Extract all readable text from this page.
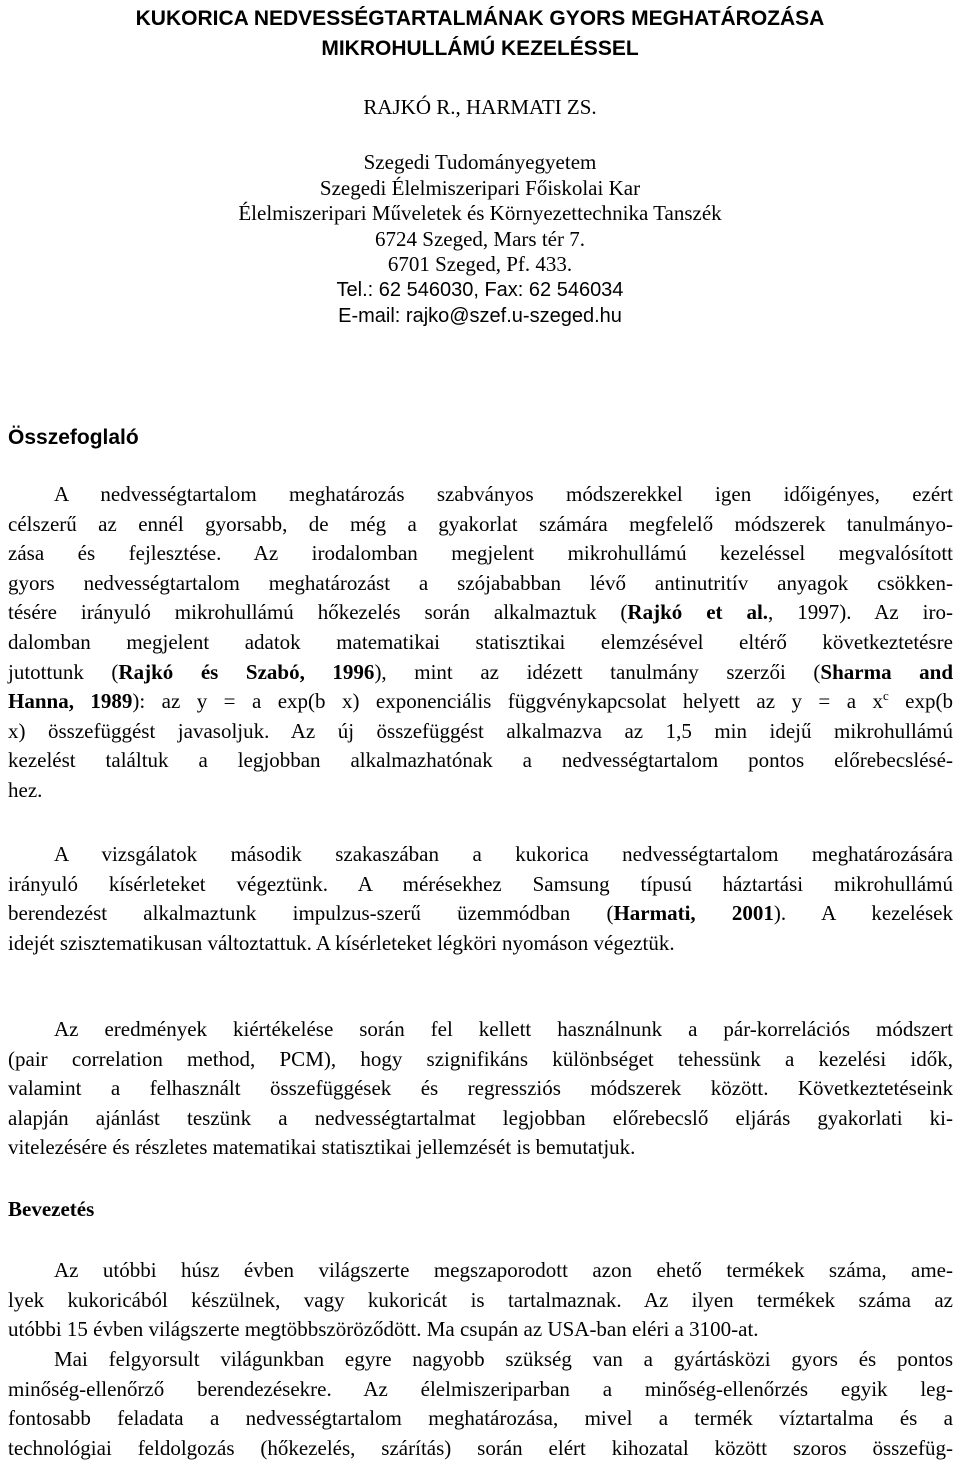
KUKORICA NEDVESSÉGTARTALMÁNAK GYORS MEGHATÁROZÁSA
MIKROHULLÁMÚ KEZELÉSSEL
RAJKÓ R., HARMATI ZS.
Szegedi Tudományegyetem
Szegedi Élelmiszeripari Főiskolai Kar
Élelmiszeripari Műveletek és Környezettechnika Tanszék
6724 Szeged, Mars tér 7.
6701 Szeged, Pf. 433.
Tel.: 62 546030, Fax: 62 546034
E-mail: rajko@szef.u-szeged.hu
Összefoglaló
A nedvességtartalom meghatározás szabványos módszerekkel igen időigényes, ezért
célszerű az ennél gyorsabb, de még a gyakorlat számára megfelelő módszerek tanulmányo-
zása és fejlesztése. Az irodalomban megjelent mikrohullámú kezeléssel megvalósított
gyors nedvességtartalom meghatározást a szójababban lévő antinutritív anyagok csökken-
tésére irányuló mikrohullámú hőkezelés során alkalmaztuk (Rajkó et al., 1997). Az iro-
dalomban megjelent adatok matematikai statisztikai elemzésével eltérő következtetésre
jutottunk (Rajkó és Szabó, 1996), mint az idézett tanulmány szerzői (Sharma and
Hanna, 1989): az y = a exp(b x) exponenciális függvénykapcsolat helyett az y = a $x^c$ exp(b
x) összefüggést javasoljuk. Az új összefüggést alkalmazva az 1,5 min idejű mikrohullámú
kezelést találtuk a legjobban alkalmazhatónak a nedvességtartalom pontos előrebecslésé-
hez.
A vizsgálatok második szakaszában a kukorica nedvességtartalom meghatározására
irányuló kísérleteket végeztünk. A mérésekhez Samsung típusú háztartási mikrohullámú
berendezést alkalmaztunk impulzus-szerű üzemmódban (Harmati, 2001). A kezelések
idejét szisztematikusan változtattuk. A kísérleteket légköri nyomáson végeztük.
Az eredmények kiértékelése során fel kellett használnunk a pár-korrelációs módszert
(pair correlation method, PCM), hogy szignifikáns különbséget tehessünk a kezelési idők,
valamint a felhasznált összefüggések és regressziós módszerek között. Következtetéseink
alapján ajánlást teszünk a nedvességtartalmat legjobban előrebecslő eljárás gyakorlati ki-
vitelezésére és részletes matematikai statisztikai jellemzését is bemutatjuk.
Bevezetés
Az utóbbi húsz évben világszerte megszaporodott azon ehető termékek száma, ame-
lyek kukoricából készülnek, vagy kukoricát is tartalmaznak. Az ilyen termékek száma az
utóbbi 15 évben világszerte megtöbbszöröződött. Ma csupán az USA-ban eléri a 3100-at.
Mai felgyorsult világunkban egyre nagyobb szükség van a gyártásközi gyors és pontos
minőség-ellenőrző berendezésekre. Az élelmiszeriparban a minőség-ellenőrzés egyik leg-
fontosabb feladata a nedvességtartalom meghatározása, mivel a termék víztartalma és a
technológiai feldolgozás (hőkezelés, szárítás) során elért kihozatal között szoros összefüg-
